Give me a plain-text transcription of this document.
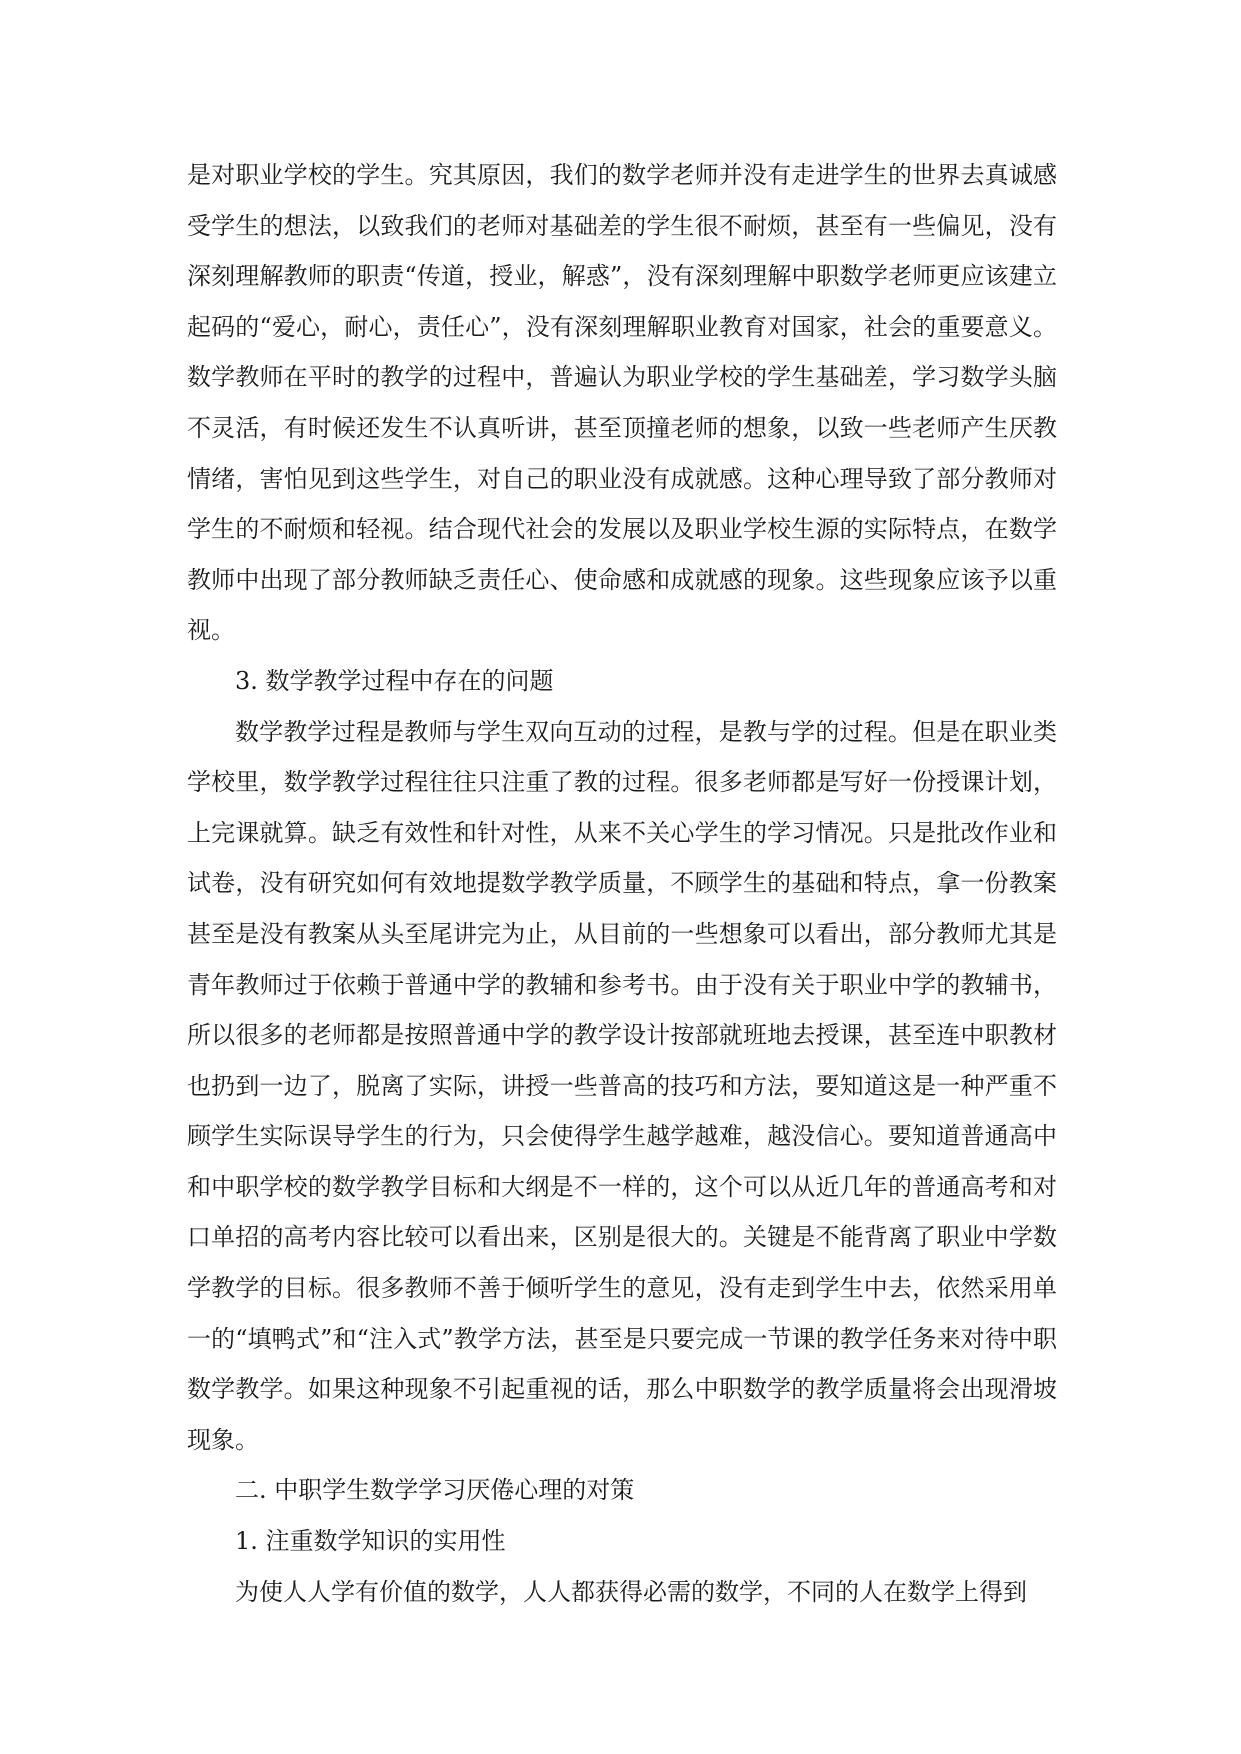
是对职业学校的学生。究其原因，我们的数学老师并没有走进学生的世界去真诚感受学生的想法，以致我们的老师对基础差的学生很不耐烦，甚至有一些偏见，没有深刻理解教师的职责“传道，授业，解惑”，没有深刻理解中职数学老师更应该建立起码的“爱心，耐心，责任心”，没有深刻理解职业教育对国家，社会的重要意义。数学教师在平时的教学的过程中，普遍认为职业学校的学生基础差，学习数学头脑不灵活，有时候还发生不认真听讲，甚至顶撞老师的想象，以致一些老师产生厌教情绪，害怕见到这些学生，对自己的职业没有成就感。这种心理导致了部分教师对学生的不耐烦和轻视。结合现代社会的发展以及职业学校生源的实际特点，在数学教师中出现了部分教师缺乏责任心、使命感和成就感的现象。这些现象应该予以重视。

3. 数学教学过程中存在的问题

数学教学过程是教师与学生双向互动的过程，是教与学的过程。但是在职业类学校里，数学教学过程往往只注重了教的过程。很多老师都是写好一份授课计划，上完课就算。缺乏有效性和针对性，从来不关心学生的学习情况。只是批改作业和试卷，没有研究如何有效地提数学教学质量，不顾学生的基础和特点，拿一份教案甚至是没有教案从头至尾讲完为止，从目前的一些想象可以看出，部分教师尤其是青年教师过于依赖于普通中学的教辅和参考书。由于没有关于职业中学的教辅书，所以很多的老师都是按照普通中学的教学设计按部就班地去授课，甚至连中职教材也扔到一边了，脱离了实际，讲授一些普高的技巧和方法，要知道这是一种严重不顾学生实际误导学生的行为，只会使得学生越学越难，越没信心。要知道普通高中和中职学校的数学教学目标和大纲是不一样的，这个可以从近几年的普通高考和对口单招的高考内容比较可以看出来，区别是很大的。关键是不能背离了职业中学数学教学的目标。很多教师不善于倾听学生的意见，没有走到学生中去，依然采用单一的“填鸭式”和“注入式”教学方法，甚至是只要完成一节课的教学任务来对待中职数学教学。如果这种现象不引起重视的话，那么中职数学的教学质量将会出现滑坡现象。

二. 中职学生数学学习厌倦心理的对策

1. 注重数学知识的实用性

为使人人学有价值的数学，人人都获得必需的数学，不同的人在数学上得到
